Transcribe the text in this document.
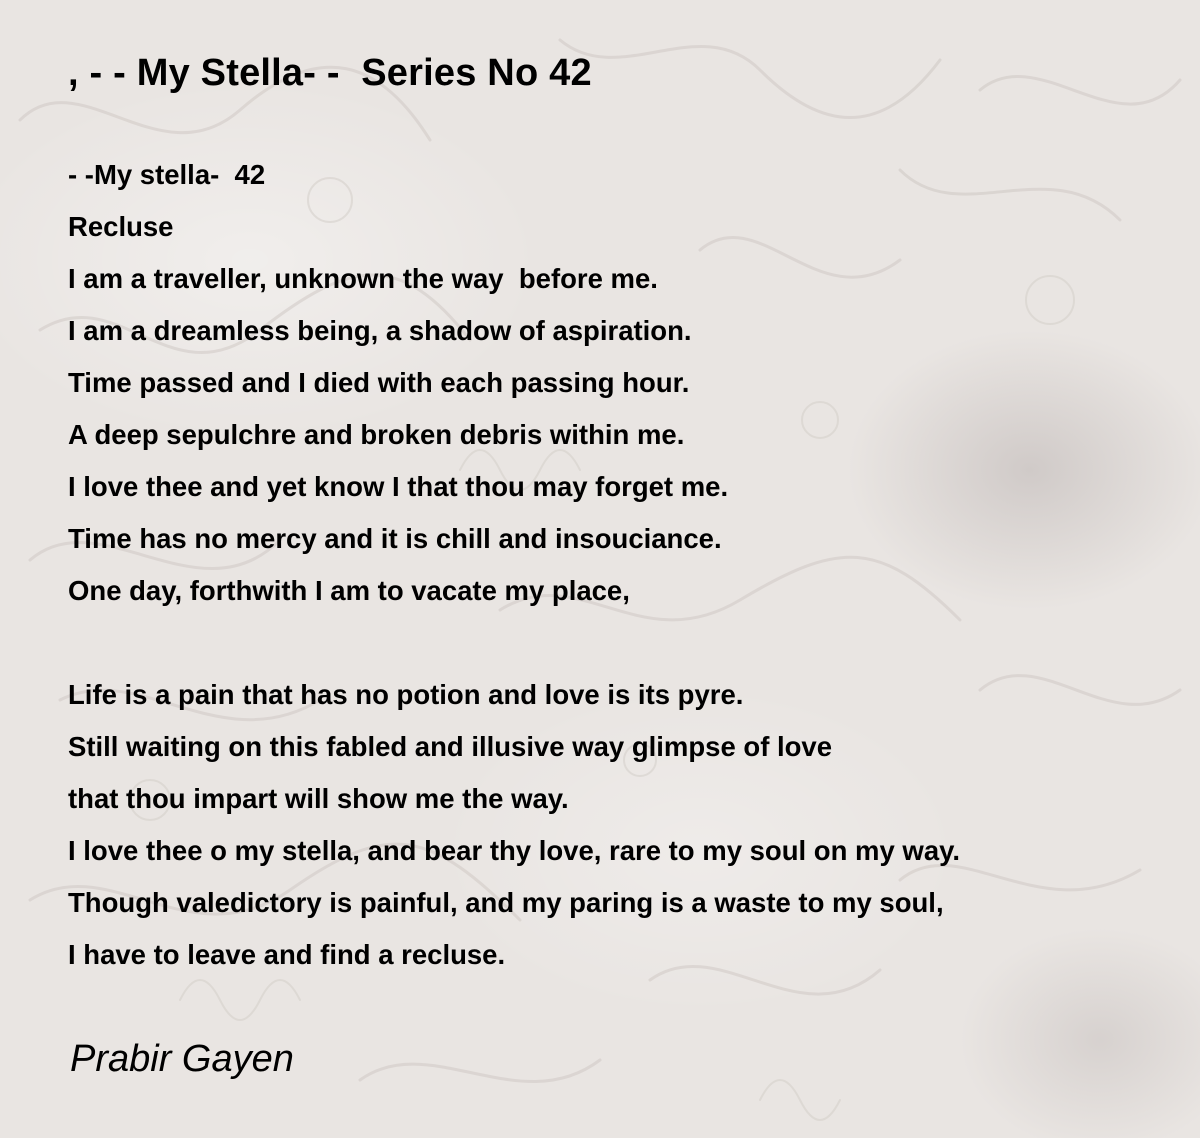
, - - My Stella- -  Series No 42
- -My stella-  42
Recluse
I am a traveller, unknown the way  before me.
I am a dreamless being, a shadow of aspiration.
Time passed and I died with each passing hour.
A deep sepulchre and broken debris within me.
I love thee and yet know I that thou may forget me.
Time has no mercy and it is chill and insouciance.
One day, forthwith I am to vacate my place,
Life is a pain that has no potion and love is its pyre.
Still waiting on this fabled and illusive way glimpse of love
that thou impart will show me the way.
I love thee o my stella, and bear thy love, rare to my soul on my way.
Though valedictory is painful, and my paring is a waste to my soul,
I have to leave and find a recluse.

Prabir Gayen
